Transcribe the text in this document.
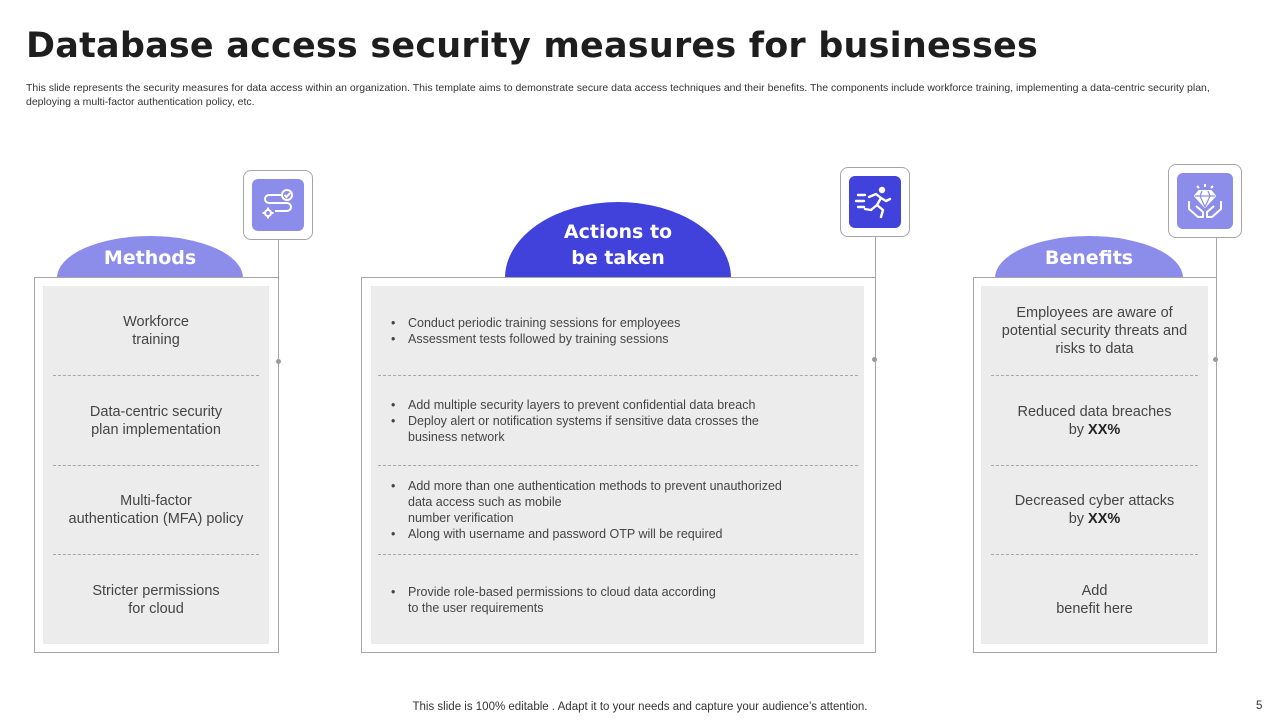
Database access security measures for businesses
This slide represents the security measures for data access within an organization. This template aims to demonstrate secure data access techniques and their benefits. The components include workforce training, implementing a data-centric security plan, deploying a multi-factor authentication policy, etc.
Methods
Workforce
training
Data-centric security
plan implementation
Multi-factor
authentication (MFA) policy
Stricter permissions
for cloud
Actions to
be taken
• Conduct periodic training sessions for employees
• Assessment tests followed by training sessions
• Add multiple security layers to prevent confidential data breach
• Deploy alert or notification systems if sensitive data crosses the
business network
• Add more than one authentication methods to prevent unauthorized
data access such as mobile
number verification
• Along with username and password OTP will be required
• Provide role-based permissions to cloud data according
to the user requirements
Benefits
Employees are aware of
potential security threats and
risks to data
Reduced data breaches
by XX%
Decreased cyber attacks
by XX%
Add
benefit here
This slide is 100% editable . Adapt it to your needs and capture your audience’s attention.	5
